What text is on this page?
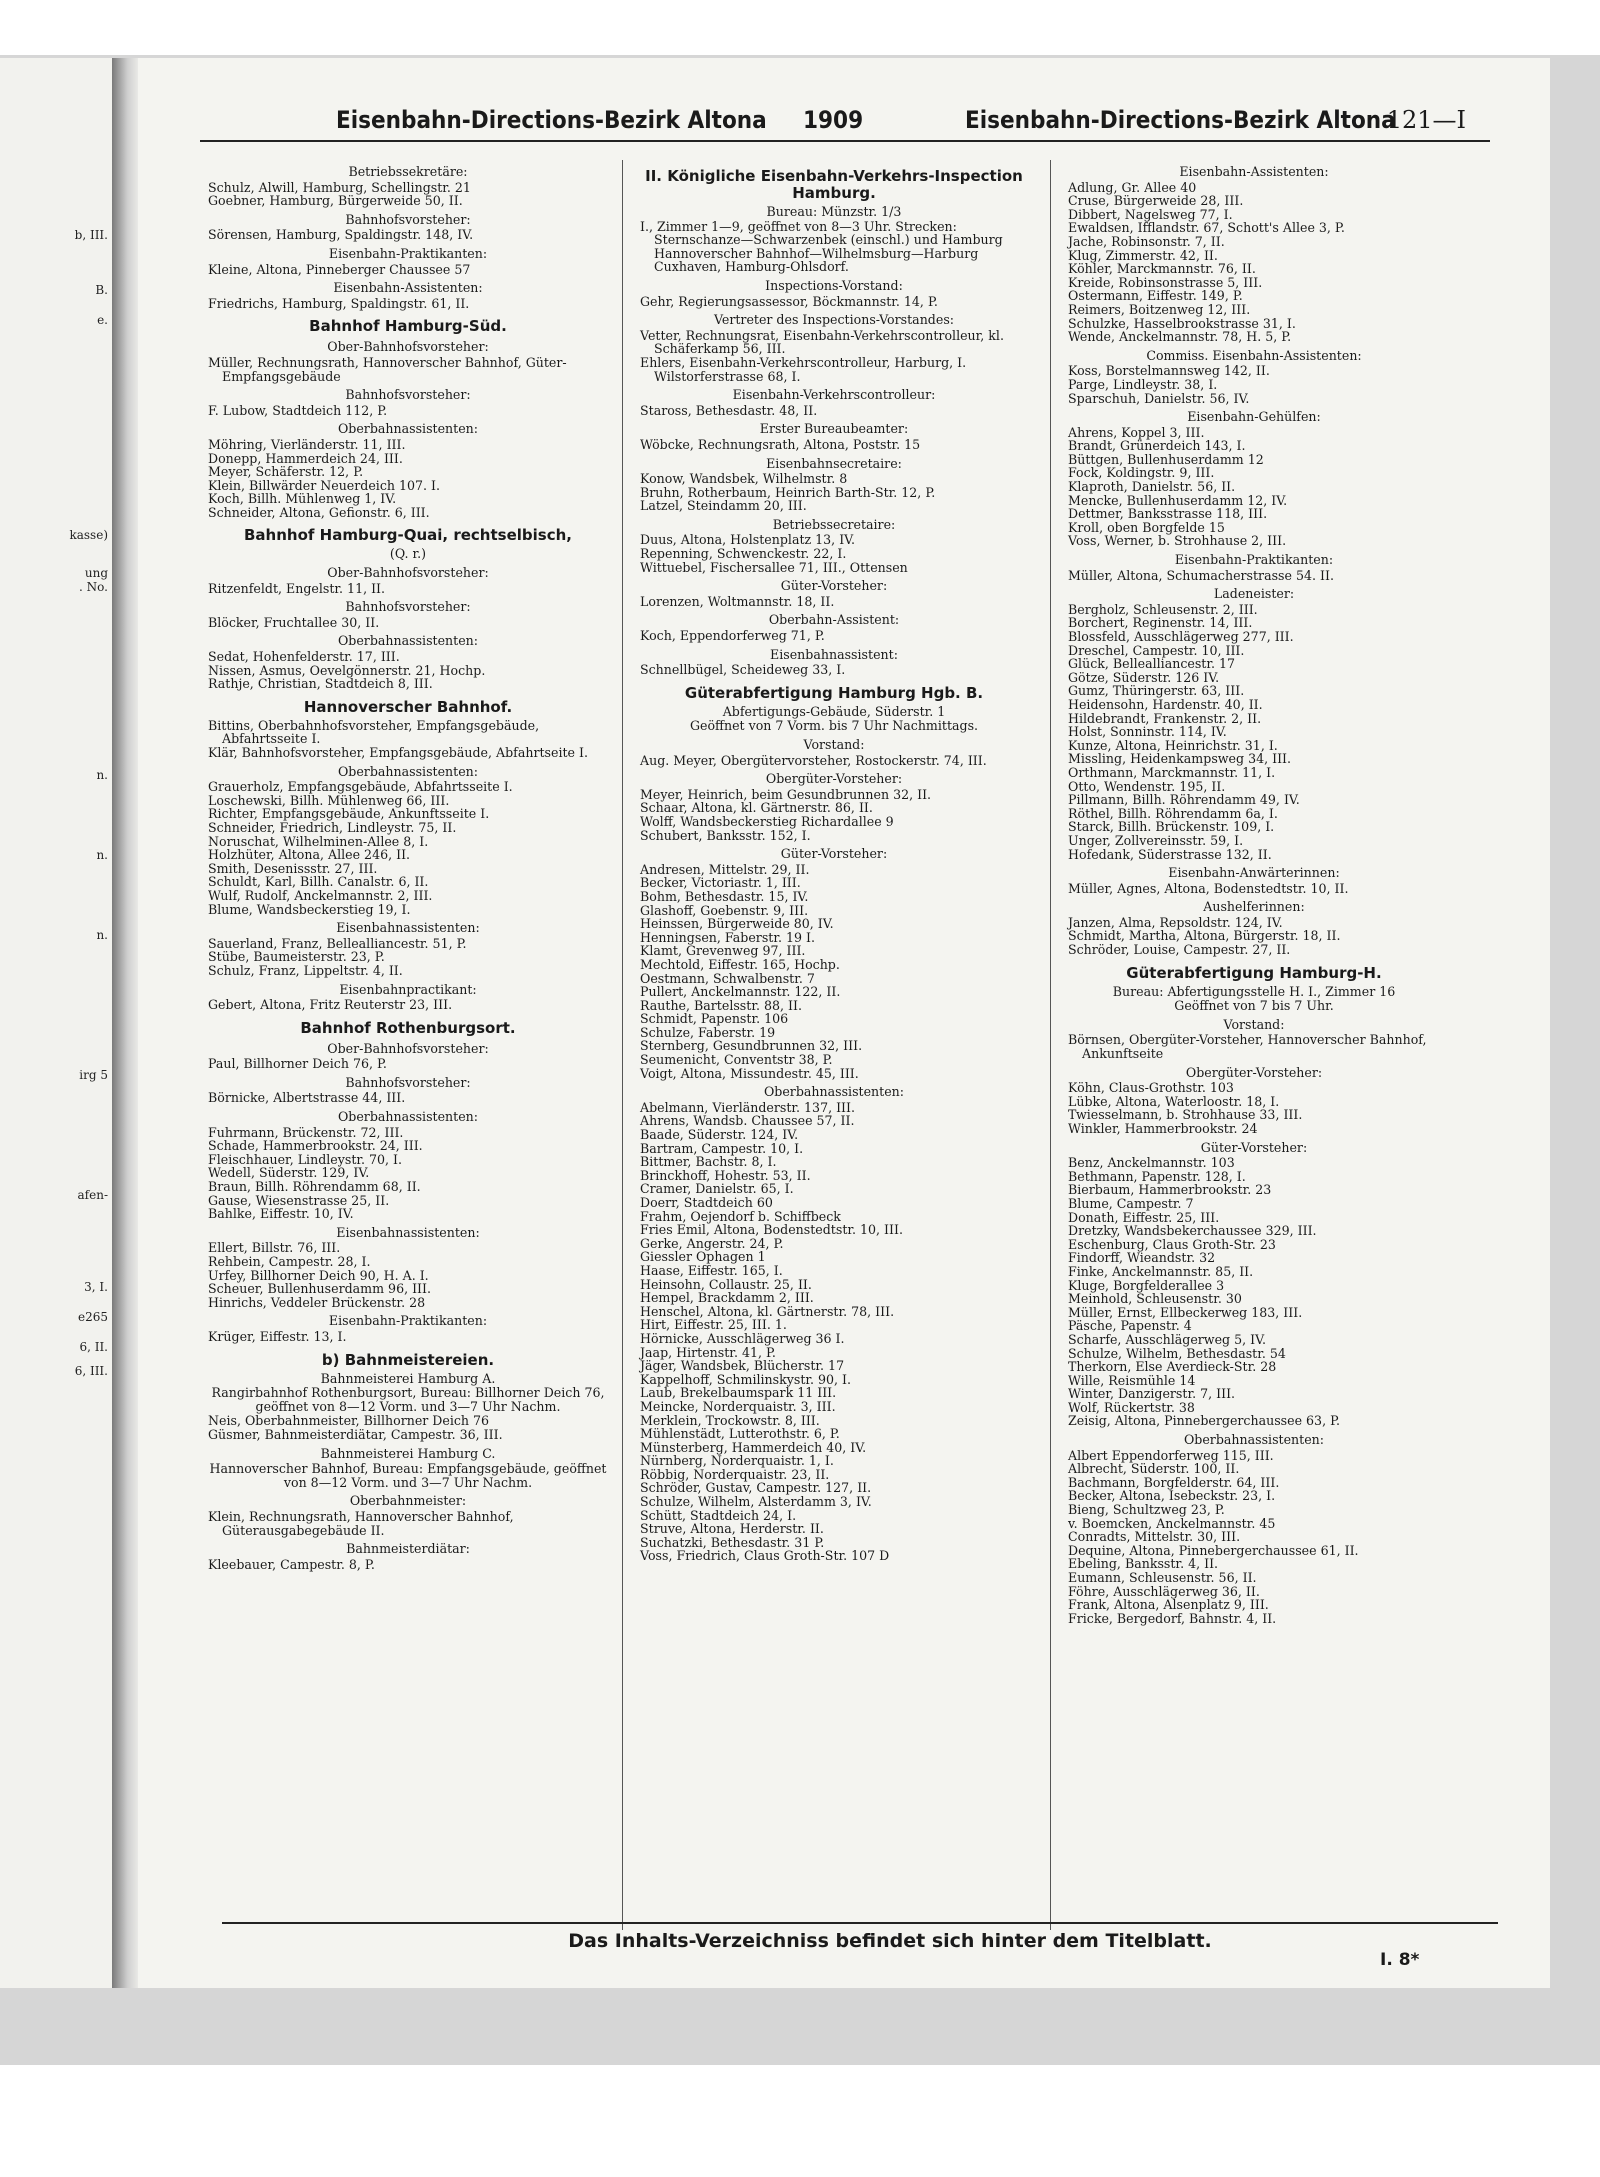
b, III.
B.
e.
kasse)
ung
. No.
n.
n.
n.
irg 5
afen-
3, I.
e265
6, II.
6, III.
Eisenbahn-Directions-Bezirk Altona 1909	Eisenbahn-Directions-Bezirk Altona
121—I
Betriebssekretäre:
Schulz, Alwill, Hamburg, Schellingstr. 21
Goebner, Hamburg, Bürgerweide 50, II.
Bahnhofsvorsteher:
Sörensen, Hamburg, Spaldingstr. 148, IV.
Eisenbahn-Praktikanten:
Kleine, Altona, Pinneberger Chaussee 57
Eisenbahn-Assistenten:
Friedrichs, Hamburg, Spaldingstr. 61, II.
Bahnhof Hamburg-Süd.
Ober-Bahnhofsvorsteher:
Müller, Rechnungsrath, Hannoverscher Bahnhof, Güter-Empfangsgebäude
Bahnhofsvorsteher:
F. Lubow, Stadtdeich 112, P.
Oberbahnassistenten:
Möhring, Vierländerstr. 11, III.
Donepp, Hammerdeich 24, III.
Meyer, Schäferstr. 12, P.
Klein, Billwärder Neuerdeich 107. I.
Koch, Billh. Mühlenweg 1, IV.
Schneider, Altona, Gefionstr. 6, III.
Bahnhof Hamburg-Quai, rechtselbisch,
(Q. r.)
Ober-Bahnhofsvorsteher:
Ritzenfeldt, Engelstr. 11, II.
Bahnhofsvorsteher:
Blöcker, Fruchtallee 30, II.
Oberbahnassistenten:
Sedat, Hohenfelderstr. 17, III.
Nissen, Asmus, Oevelgönnerstr. 21, Hochp.
Rathje, Christian, Stadtdeich 8, III.
Hannoverscher Bahnhof.
Bittins, Oberbahnhofsvorsteher, Empfangsgebäude, Abfahrtsseite I.
Klär, Bahnhofsvorsteher, Empfangsgebäude, Abfahrtseite I.
Oberbahnassistenten:
Grauerholz, Empfangsgebäude, Abfahrtsseite I.
Loschewski, Billh. Mühlenweg 66, III.
Richter, Empfangsgebäude, Ankunftsseite I.
Schneider, Friedrich, Lindleystr. 75, II.
Noruschat, Wilhelminen-Allee 8, I.
Holzhüter, Altona, Allee 246, II.
Smith, Desenissstr. 27, III.
Schuldt, Karl, Billh. Canalstr. 6, II.
Wulf, Rudolf, Anckelmannstr. 2, III.
Blume, Wandsbeckerstieg 19, I.
Eisenbahnassistenten:
Sauerland, Franz, Bellealliancestr. 51, P.
Stübe, Baumeisterstr. 23, P.
Schulz, Franz, Lippeltstr. 4, II.
Eisenbahnpractikant:
Gebert, Altona, Fritz Reuterstr 23, III.
Bahnhof Rothenburgsort.
Ober-Bahnhofsvorsteher:
Paul, Billhorner Deich 76, P.
Bahnhofsvorsteher:
Börnicke, Albertstrasse 44, III.
Oberbahnassistenten:
Fuhrmann, Brückenstr. 72, III.
Schade, Hammerbrookstr. 24, III.
Fleischhauer, Lindleystr. 70, I.
Wedell, Süderstr. 129, IV.
Braun, Billh. Röhrendamm 68, II.
Gause, Wiesenstrasse 25, II.
Bahlke, Eiffestr. 10, IV.
Eisenbahnassistenten:
Ellert, Billstr. 76, III.
Rehbein, Campestr. 28, I.
Urfey, Billhorner Deich 90, H. A. I.
Scheuer, Bullenhuserdamm 96, III.
Hinrichs, Veddeler Brückenstr. 28
Eisenbahn-Praktikanten:
Krüger, Eiffestr. 13, I.
b) Bahnmeistereien.
Bahnmeisterei Hamburg A.
Rangirbahnhof Rothenburgsort, Bureau: Billhorner Deich 76, geöffnet von 8—12 Vorm. und 3—7 Uhr Nachm.
Neis, Oberbahnmeister, Billhorner Deich 76
Güsmer, Bahnmeisterdiätar, Campestr. 36, III.
Bahnmeisterei Hamburg C.
Hannoverscher Bahnhof, Bureau: Empfangsgebäude, geöffnet von 8—12 Vorm. und 3—7 Uhr Nachm.
Oberbahnmeister:
Klein, Rechnungsrath, Hannoverscher Bahnhof, Güterausgabegebäude II.
Bahnmeisterdiätar:
Kleebauer, Campestr. 8, P.
II. Königliche Eisenbahn-Verkehrs-Inspection Hamburg.
Bureau: Münzstr. 1/3
I., Zimmer 1—9, geöffnet von 8—3 Uhr. Strecken: Sternschanze—Schwarzenbek (einschl.) und Hamburg Hannoverscher Bahnhof—Wilhelmsburg—Harburg Cuxhaven, Hamburg-Ohlsdorf.
Inspections-Vorstand:
Gehr, Regierungsassessor, Böckmannstr. 14, P.
Vertreter des Inspections-Vorstandes:
Vetter, Rechnungsrat, Eisenbahn-Verkehrscontrolleur, kl. Schäferkamp 56, III.
Ehlers, Eisenbahn-Verkehrscontrolleur, Harburg, I. Wilstorferstrasse 68, I.
Eisenbahn-Verkehrscontrolleur:
Staross, Bethesdastr. 48, II.
Erster Bureaubeamter:
Wöbcke, Rechnungsrath, Altona, Poststr. 15
Eisenbahnsecretaire:
Konow, Wandsbek, Wilhelmstr. 8
Bruhn, Rotherbaum, Heinrich Barth-Str. 12, P.
Latzel, Steindamm 20, III.
Betriebssecretaire:
Duus, Altona, Holstenplatz 13, IV.
Repenning, Schwenckestr. 22, I.
Wittuebel, Fischersallee 71, III., Ottensen
Güter-Vorsteher:
Lorenzen, Woltmannstr. 18, II.
Oberbahn-Assistent:
Koch, Eppendorferweg 71, P.
Eisenbahnassistent:
Schnellbügel, Scheideweg 33, I.
Güterabfertigung Hamburg Hgb. B.
Abfertigungs-Gebäude, Süderstr. 1
Geöffnet von 7 Vorm. bis 7 Uhr Nachmittags.
Vorstand:
Aug. Meyer, Obergütervorsteher, Rostockerstr. 74, III.
Obergüter-Vorsteher:
Meyer, Heinrich, beim Gesundbrunnen 32, II.
Schaar, Altona, kl. Gärtnerstr. 86, II.
Wolff, Wandsbeckerstieg Richardallee 9
Schubert, Banksstr. 152, I.
Güter-Vorsteher:
Andresen, Mittelstr. 29, II.
Becker, Victoriastr. 1, III.
Bohm, Bethesdastr. 15, IV.
Glashoff, Goebenstr. 9, III.
Heinssen, Bürgerweide 80, IV.
Henningsen, Faberstr. 19 I.
Klamt, Grevenweg 97, III.
Mechtold, Eiffestr. 165, Hochp.
Oestmann, Schwalbenstr. 7
Pullert, Anckelmannstr. 122, II.
Rauthe, Bartelsstr. 88, II.
Schmidt, Papenstr. 106
Schulze, Faberstr. 19
Sternberg, Gesundbrunnen 32, III.
Seumenicht, Conventstr 38, P.
Voigt, Altona, Missundestr. 45, III.
Oberbahnassistenten:
Abelmann, Vierländerstr. 137, III.
Ahrens, Wandsb. Chaussee 57, II.
Baade, Süderstr. 124, IV.
Bartram, Campestr. 10, I.
Bittmer, Bachstr. 8, I.
Brinckhoff, Hohestr. 53, II.
Cramer, Danielstr. 65, I.
Doerr, Stadtdeich 60
Frahm, Oejendorf b. Schiffbeck
Fries Emil, Altona, Bodenstedtstr. 10, III.
Gerke, Angerstr. 24, P.
Giessler Ophagen 1
Haase, Eiffestr. 165, I.
Heinsohn, Collaustr. 25, II.
Hempel, Brackdamm 2, III.
Henschel, Altona, kl. Gärtnerstr. 78, III.
Hirt, Eiffestr. 25, III. 1.
Hörnicke, Ausschlägerweg 36 I.
Jaap, Hirtenstr. 41, P.
Jäger, Wandsbek, Blücherstr. 17
Kappelhoff, Schmilinskystr. 90, I.
Laub, Brekelbaumspark 11 III.
Meincke, Norderquaistr. 3, III.
Merklein, Trockowstr. 8, III.
Mühlenstädt, Lutterothstr. 6, P.
Münsterberg, Hammerdeich 40, IV.
Nürnberg, Norderquaistr. 1, I.
Röbbig, Norderquaistr. 23, II.
Schröder, Gustav, Campestr. 127, II.
Schulze, Wilhelm, Alsterdamm 3, IV.
Schütt, Stadtdeich 24, I.
Struve, Altona, Herderstr. II.
Suchatzki, Bethesdastr. 31 P.
Voss, Friedrich, Claus Groth-Str. 107 D
Eisenbahn-Assistenten:
Adlung, Gr. Allee 40
Cruse, Bürgerweide 28, III.
Dibbert, Nagelsweg 77, I.
Ewaldsen, Ifflandstr. 67, Schott's Allee 3, P.
Jache, Robinsonstr. 7, II.
Klug, Zimmerstr. 42, II.
Köhler, Marckmannstr. 76, II.
Kreide, Robinsonstrasse 5, III.
Ostermann, Eiffestr. 149, P.
Reimers, Boitzenweg 12, III.
Schulzke, Hasselbrookstrasse 31, I.
Wende, Anckelmannstr. 78, H. 5, P.
Commiss. Eisenbahn-Assistenten:
Koss, Borstelmannsweg 142, II.
Parge, Lindleystr. 38, I.
Sparschuh, Danielstr. 56, IV.
Eisenbahn-Gehülfen:
Ahrens, Koppel 3, III.
Brandt, Grünerdeich 143, I.
Büttgen, Bullenhuserdamm 12
Fock, Koldingstr. 9, III.
Klaproth, Danielstr. 56, II.
Mencke, Bullenhuserdamm 12, IV.
Dettmer, Banksstrasse 118, III.
Kroll, oben Borgfelde 15
Voss, Werner, b. Strohhause 2, III.
Eisenbahn-Praktikanten:
Müller, Altona, Schumacherstrasse 54. II.
Ladeneister:
Bergholz, Schleusenstr. 2, III.
Borchert, Reginenstr. 14, III.
Blossfeld, Ausschlägerweg 277, III.
Dreschel, Campestr. 10, III.
Glück, Bellealliancestr. 17
Götze, Süderstr. 126 IV.
Gumz, Thüringerstr. 63, III.
Heidensohn, Hardenstr. 40, II.
Hildebrandt, Frankenstr. 2, II.
Holst, Sonninstr. 114, IV.
Kunze, Altona, Heinrichstr. 31, I.
Missling, Heidenkampsweg 34, III.
Orthmann, Marckmannstr. 11, I.
Otto, Wendenstr. 195, II.
Pillmann, Billh. Röhrendamm 49, IV.
Röthel, Billh. Röhrendamm 6a, I.
Starck, Billh. Brückenstr. 109, I.
Unger, Zollvereinsstr. 59, I.
Hofedank, Süderstrasse 132, II.
Eisenbahn-Anwärterinnen:
Müller, Agnes, Altona, Bodenstedtstr. 10, II.
Aushelferinnen:
Janzen, Alma, Repsoldstr. 124, IV.
Schmidt, Martha, Altona, Bürgerstr. 18, II.
Schröder, Louise, Campestr. 27, II.
Güterabfertigung Hamburg-H.
Bureau: Abfertigungsstelle H. I., Zimmer 16
Geöffnet von 7 bis 7 Uhr.
Vorstand:
Börnsen, Obergüter-Vorsteher, Hannoverscher Bahnhof, Ankunftseite
Obergüter-Vorsteher:
Köhn, Claus-Grothstr. 103
Lübke, Altona, Waterloostr. 18, I.
Twiesselmann, b. Strohhause 33, III.
Winkler, Hammerbrookstr. 24
Güter-Vorsteher:
Benz, Anckelmannstr. 103
Bethmann, Papenstr. 128, I.
Bierbaum, Hammerbrookstr. 23
Blume, Campestr. 7
Donath, Eiffestr. 25, III.
Dretzky, Wandsbekerchaussee 329, III.
Eschenburg, Claus Groth-Str. 23
Findorff, Wieandstr. 32
Finke, Anckelmannstr. 85, II.
Kluge, Borgfelderallee 3
Meinhold, Schleusenstr. 30
Müller, Ernst, Ellbeckerweg 183, III.
Päsche, Papenstr. 4
Scharfe, Ausschlägerweg 5, IV.
Schulze, Wilhelm, Bethesdastr. 54
Therkorn, Else Averdieck-Str. 28
Wille, Reismühle 14
Winter, Danzigerstr. 7, III.
Wolf, Rückertstr. 38
Zeisig, Altona, Pinnebergerchaussee 63, P.
Oberbahnassistenten:
Albert Eppendorferweg 115, III.
Albrecht, Süderstr. 100, II.
Bachmann, Borgfelderstr. 64, III.
Becker, Altona, Isebeckstr. 23, I.
Bieng, Schultzweg 23, P.
v. Boemcken, Anckelmannstr. 45
Conradts, Mittelstr. 30, III.
Dequine, Altona, Pinnebergerchaussee 61, II.
Ebeling, Banksstr. 4, II.
Eumann, Schleusenstr. 56, II.
Föhre, Ausschlägerweg 36, II.
Frank, Altona, Alsenplatz 9, III.
Fricke, Bergedorf, Bahnstr. 4, II.
Das Inhalts-Verzeichniss befindet sich hinter dem Titelblatt.
I. 8*
